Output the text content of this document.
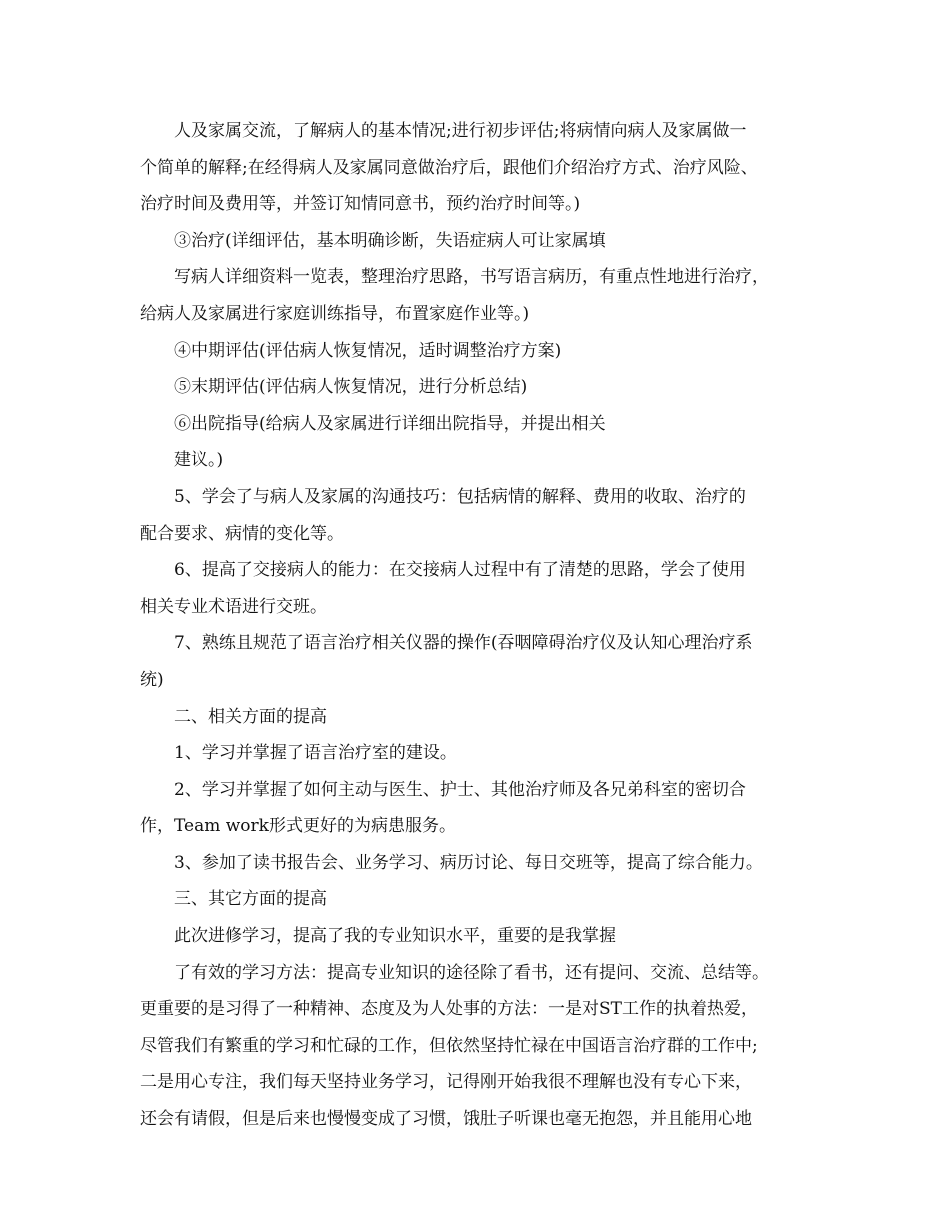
人及家属交流，了解病人的基本情况;进行初步评估;将病情向病人及家属做一
个简单的解释;在经得病人及家属同意做治疗后，跟他们介绍治疗方式、治疗风险、
治疗时间及费用等，并签订知情同意书，预约治疗时间等。)
③治疗(详细评估，基本明确诊断，失语症病人可让家属填
写病人详细资料一览表，整理治疗思路，书写语言病历，有重点性地进行治疗，
给病人及家属进行家庭训练指导，布置家庭作业等。)
④中期评估(评估病人恢复情况，适时调整治疗方案)
⑤末期评估(评估病人恢复情况，进行分析总结)
⑥出院指导(给病人及家属进行详细出院指导，并提出相关
建议。)
5、学会了与病人及家属的沟通技巧：包括病情的解释、费用的收取、治疗的
配合要求、病情的变化等。
6、提高了交接病人的能力：在交接病人过程中有了清楚的思路，学会了使用
相关专业术语进行交班。
7、熟练且规范了语言治疗相关仪器的操作(吞咽障碍治疗仪及认知心理治疗系
统)
二、相关方面的提高
1、学习并掌握了语言治疗室的建设。
2、学习并掌握了如何主动与医生、护士、其他治疗师及各兄弟科室的密切合
作，Team work形式更好的为病患服务。
3、参加了读书报告会、业务学习、病历讨论、每日交班等，提高了综合能力。
三、其它方面的提高
此次进修学习，提高了我的专业知识水平，重要的是我掌握
了有效的学习方法：提高专业知识的途径除了看书，还有提问、交流、总结等。
更重要的是习得了一种精神、态度及为人处事的方法：一是对ST工作的执着热爱，
尽管我们有繁重的学习和忙碌的工作，但依然坚持忙禄在中国语言治疗群的工作中;
二是用心专注，我们每天坚持业务学习，记得刚开始我很不理解也没有专心下来，
还会有请假，但是后来也慢慢变成了习惯，饿肚子听课也毫无抱怨，并且能用心地
